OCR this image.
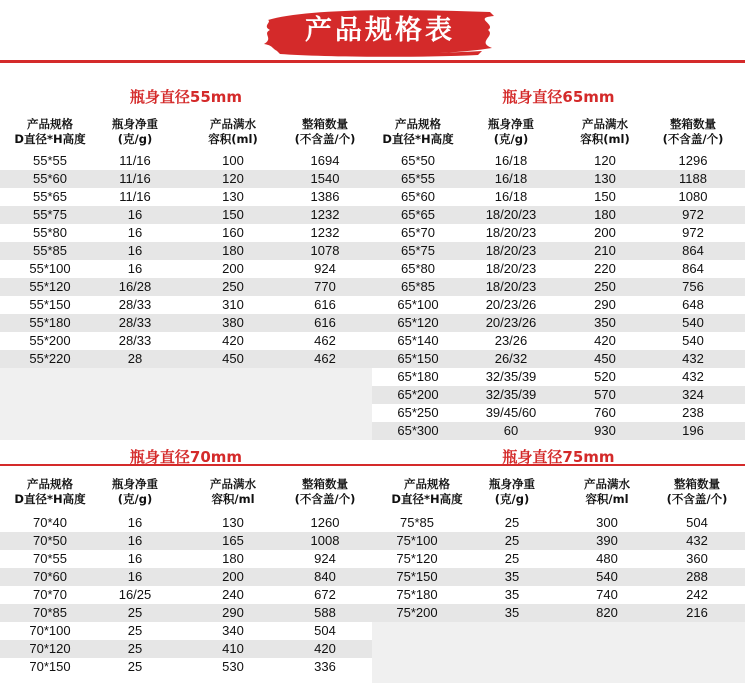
产品规格表
瓶身直径55mm
产品规格
D直径*H高度
瓶身净重
(克/g)
产品满水
容积(ml)
整箱数量
(不含盖/个)
55*55	11/16	100	1694
55*60	11/16	120	1540
55*65	11/16	130	1386
55*75	16	150	1232
55*80	16	160	1232
55*85	16	180	1078
55*100	16	200	924
55*120	16/28	250	770
55*150	28/33	310	616
55*180	28/33	380	616
55*200	28/33	420	462
55*220	28	450	462
瓶身直径65mm
产品规格
D直径*H高度
瓶身净重
(克/g)
产品满水
容积(ml)
整箱数量
(不含盖/个)
65*50	16/18	120	1296
65*55	16/18	130	1188
65*60	16/18	150	1080
65*65	18/20/23	180	972
65*70	18/20/23	200	972
65*75	18/20/23	210	864
65*80	18/20/23	220	864
65*85	18/20/23	250	756
65*100	20/23/26	290	648
65*120	20/23/26	350	540
65*140	23/26	420	540
65*150	26/32	450	432
65*180	32/35/39	520	432
65*200	32/35/39	570	324
65*250	39/45/60	760	238
65*300	60	930	196
瓶身直径70mm
产品规格
D直径*H高度
瓶身净重
(克/g)
产品满水
容积/ml
整箱数量
(不含盖/个)
70*40	16	130	1260
70*50	16	165	1008
70*55	16	180	924
70*60	16	200	840
70*70	16/25	240	672
70*85	25	290	588
70*100	25	340	504
70*120	25	410	420
70*150	25	530	336
瓶身直径75mm
产品规格
D直径*H高度
瓶身净重
(克/g)
产品满水
容积/ml
整箱数量
(不含盖/个)
75*85	25	300	504
75*100	25	390	432
75*120	25	480	360
75*150	35	540	288
75*180	35	740	242
75*200	35	820	216
